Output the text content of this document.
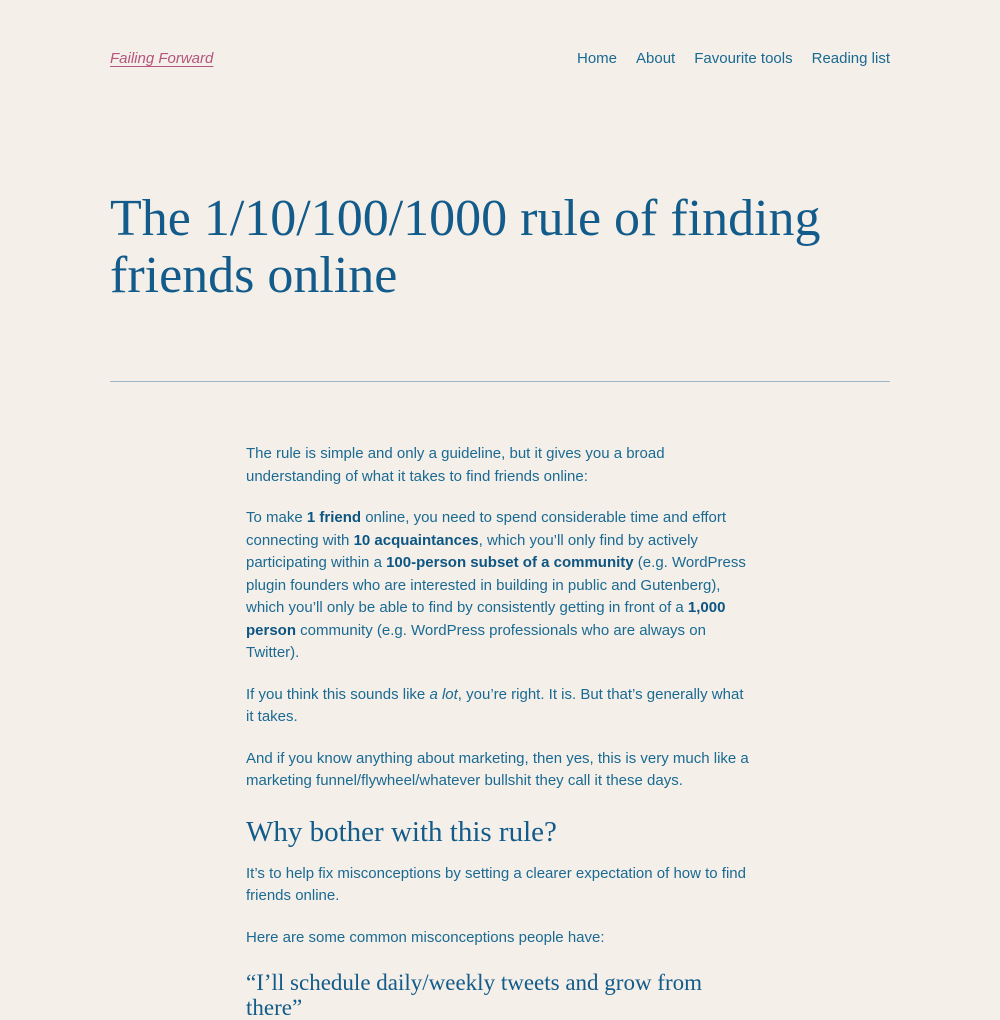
Failing Forward	Home About Favourite tools Reading list
The 1/10/100/1000 rule of finding friends online

The rule is simple and only a guideline, but it gives you a broad understanding of what it takes to find friends online:

To make 1 friend online, you need to spend considerable time and effort connecting with 10 acquaintances, which you’ll only find by actively participating within a 100-person subset of a community (e.g. WordPress plugin founders who are interested in building in public and Gutenberg), which you’ll only be able to find by consistently getting in front of a 1,000 person community (e.g. WordPress professionals who are always on Twitter).

If you think this sounds like a lot, you’re right. It is. But that’s generally what it takes.

And if you know anything about marketing, then yes, this is very much like a marketing funnel/flywheel/whatever bullshit they call it these days.

Why bother with this rule?

It’s to help fix misconceptions by setting a clearer expectation of how to find friends online.

Here are some common misconceptions people have:

“I’ll schedule daily/weekly tweets and grow from there”
